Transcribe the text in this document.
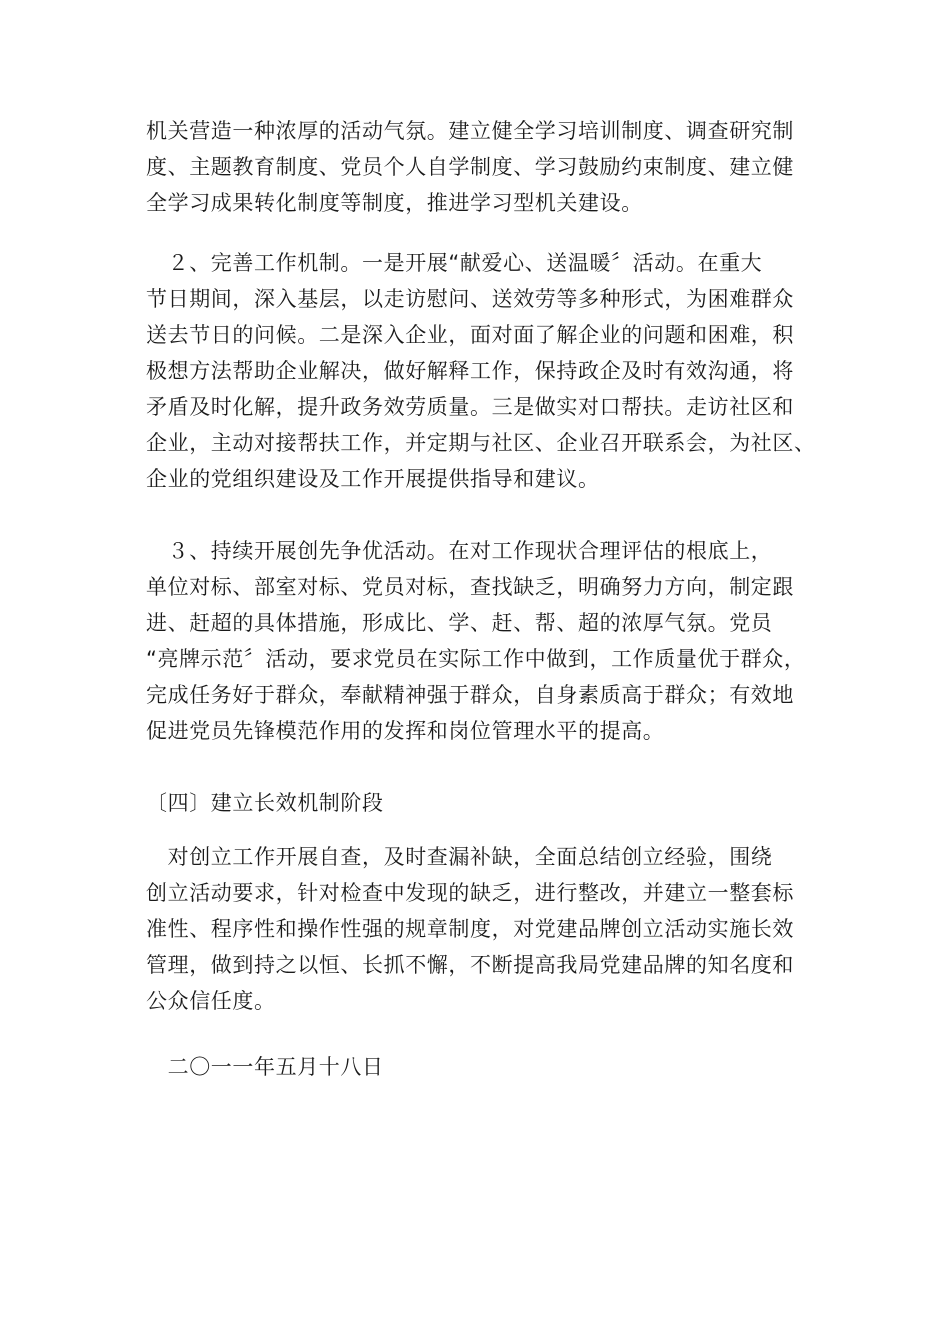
机关营造一种浓厚的活动气氛。建立健全学习培训制度、调查研究制
度、主题教育制度、党员个人自学制度、学习鼓励约束制度、建立健
全学习成果转化制度等制度，推进学习型机关建设。
　２、完善工作机制。一是开展“献爱心、送温暖〞活动。在重大
节日期间，深入基层，以走访慰问、送效劳等多种形式，为困难群众
送去节日的问候。二是深入企业，面对面了解企业的问题和困难，积
极想方法帮助企业解决，做好解释工作，保持政企及时有效沟通，将
矛盾及时化解，提升政务效劳质量。三是做实对口帮扶。走访社区和
企业，主动对接帮扶工作，并定期与社区、企业召开联系会，为社区、
企业的党组织建设及工作开展提供指导和建议。
　３、持续开展创先争优活动。在对工作现状合理评估的根底上，
单位对标、部室对标、党员对标，查找缺乏，明确努力方向，制定跟
进、赶超的具体措施，形成比、学、赶、帮、超的浓厚气氛。党员
“亮牌示范〞活动，要求党员在实际工作中做到，工作质量优于群众，
完成任务好于群众，奉献精神强于群众，自身素质高于群众；有效地
促进党员先锋模范作用的发挥和岗位管理水平的提高。
〔四〕建立长效机制阶段
　对创立工作开展自查，及时查漏补缺，全面总结创立经验，围绕
创立活动要求，针对检查中发现的缺乏，进行整改，并建立一整套标
准性、程序性和操作性强的规章制度，对党建品牌创立活动实施长效
管理，做到持之以恒、长抓不懈，不断提高我局党建品牌的知名度和
公众信任度。
　二〇一一年五月十八日
